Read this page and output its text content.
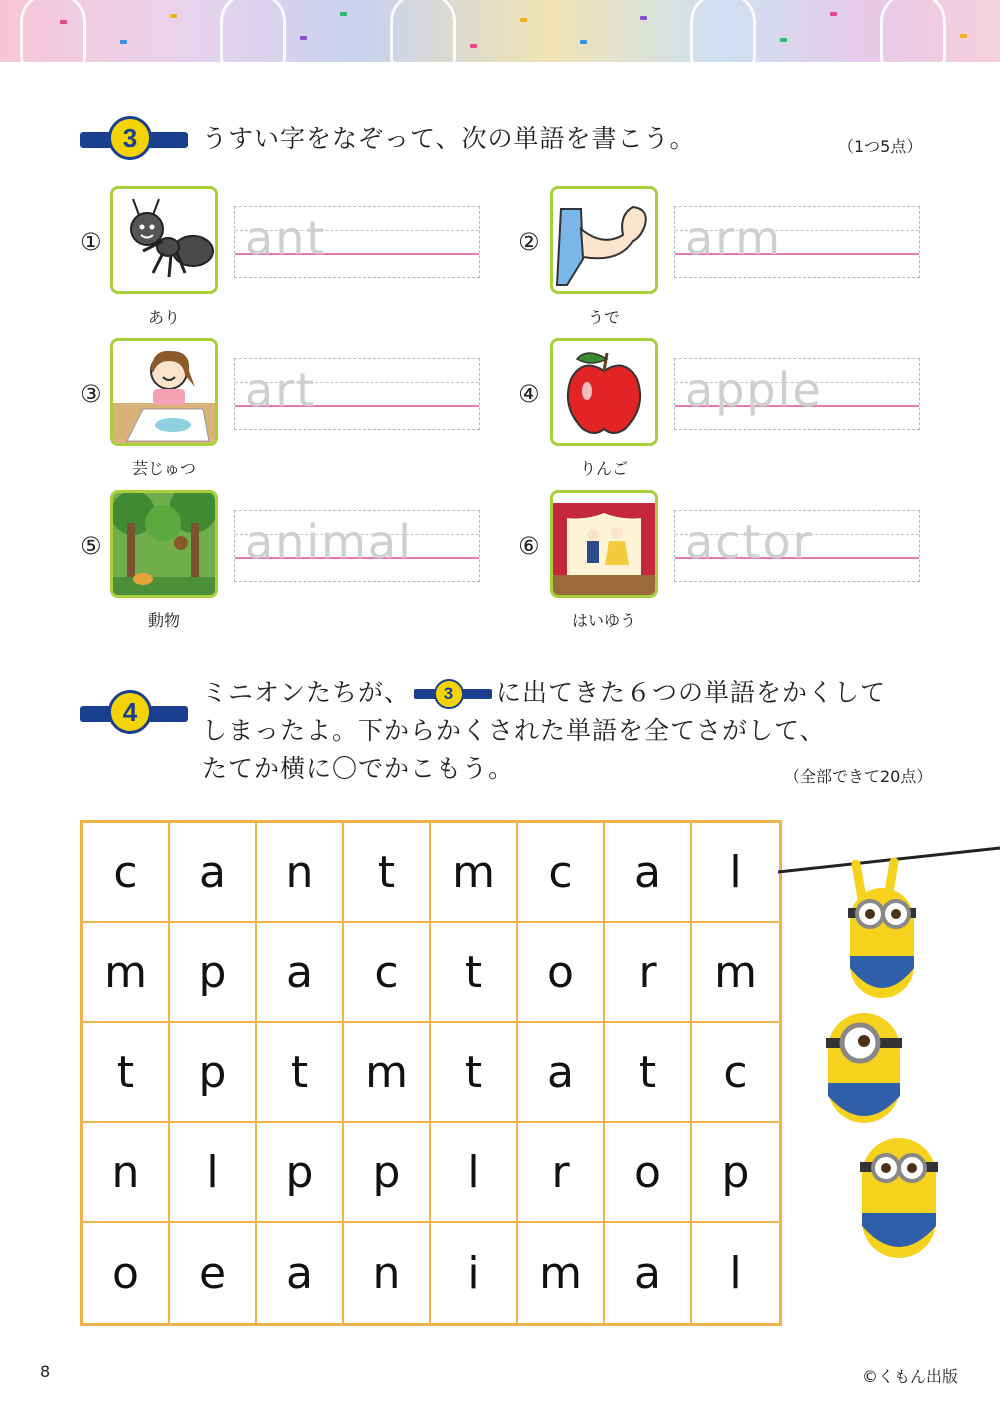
3	うすい字をなぞって、次の単語を書こう。	（1つ5点）
①
あり
ant	②
うで
arm
③
芸じゅつ
art	④
りんご
apple
⑤
動物
animal	⑥
はいゆう
actor
4
ミニオンたちが、	3	に出てきた６つの単語をかくして
しまったよ。下からかくされた単語を全てさがして、
たてか横に〇でかこもう。	（全部できて20点）
c	a	n	t	m	c	a	l
m	p	a	c	t	o	r	m
t	p	t	m	t	a	t	c
n	l	p	p	l	r	o	p
o	e	a	n	i	m	a	l
8	©くもん出版
